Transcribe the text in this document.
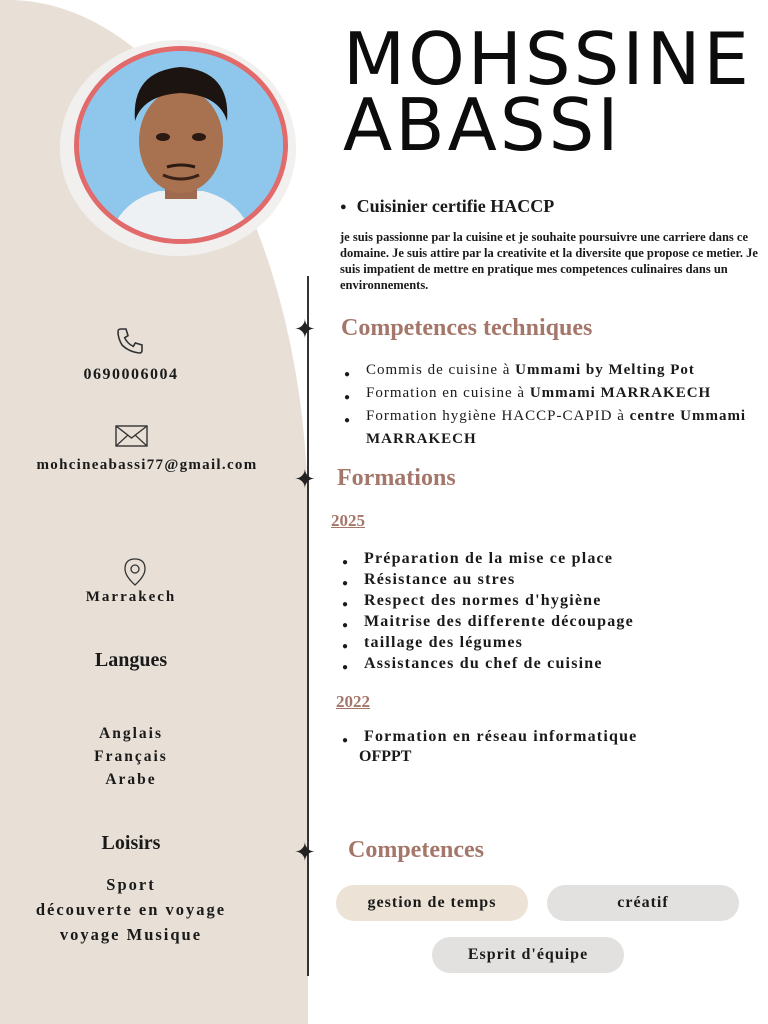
MOHSSINE
ABASSI
● Cuisinier certifie HACCP
je suis passionne par la cuisine et je souhaite poursuivre une carriere dans ce domaine. Je suis attire par la creativite et la diversite que propose ce metier. Je suis impatient de mettre en pratique mes competences culinaires dans un environnements.
✦
✦
✦
0690006004
mohcineabassi77@gmail.com
Marrakech
Langues
Anglais
Français
Arabe
Loisirs
Sport
découverte en voyage
voyage Musique
Competences techniques
● Commis de cuisine à Ummami by Melting Pot
● Formation en cuisine à Ummami MARRAKECH
● Formation hygiène HACCP-CAPID à centre Ummami MARRAKECH
Formations
2025
● Préparation de la mise ce place
● Résistance au stres
● Respect des normes d'hygiène
● Maitrise des differente découpage
● taillage des légumes
● Assistances du chef de cuisine
2022
● Formation en réseau informatique
OFPPT
Competences
gestion de temps	créatif
Esprit d'équipe
